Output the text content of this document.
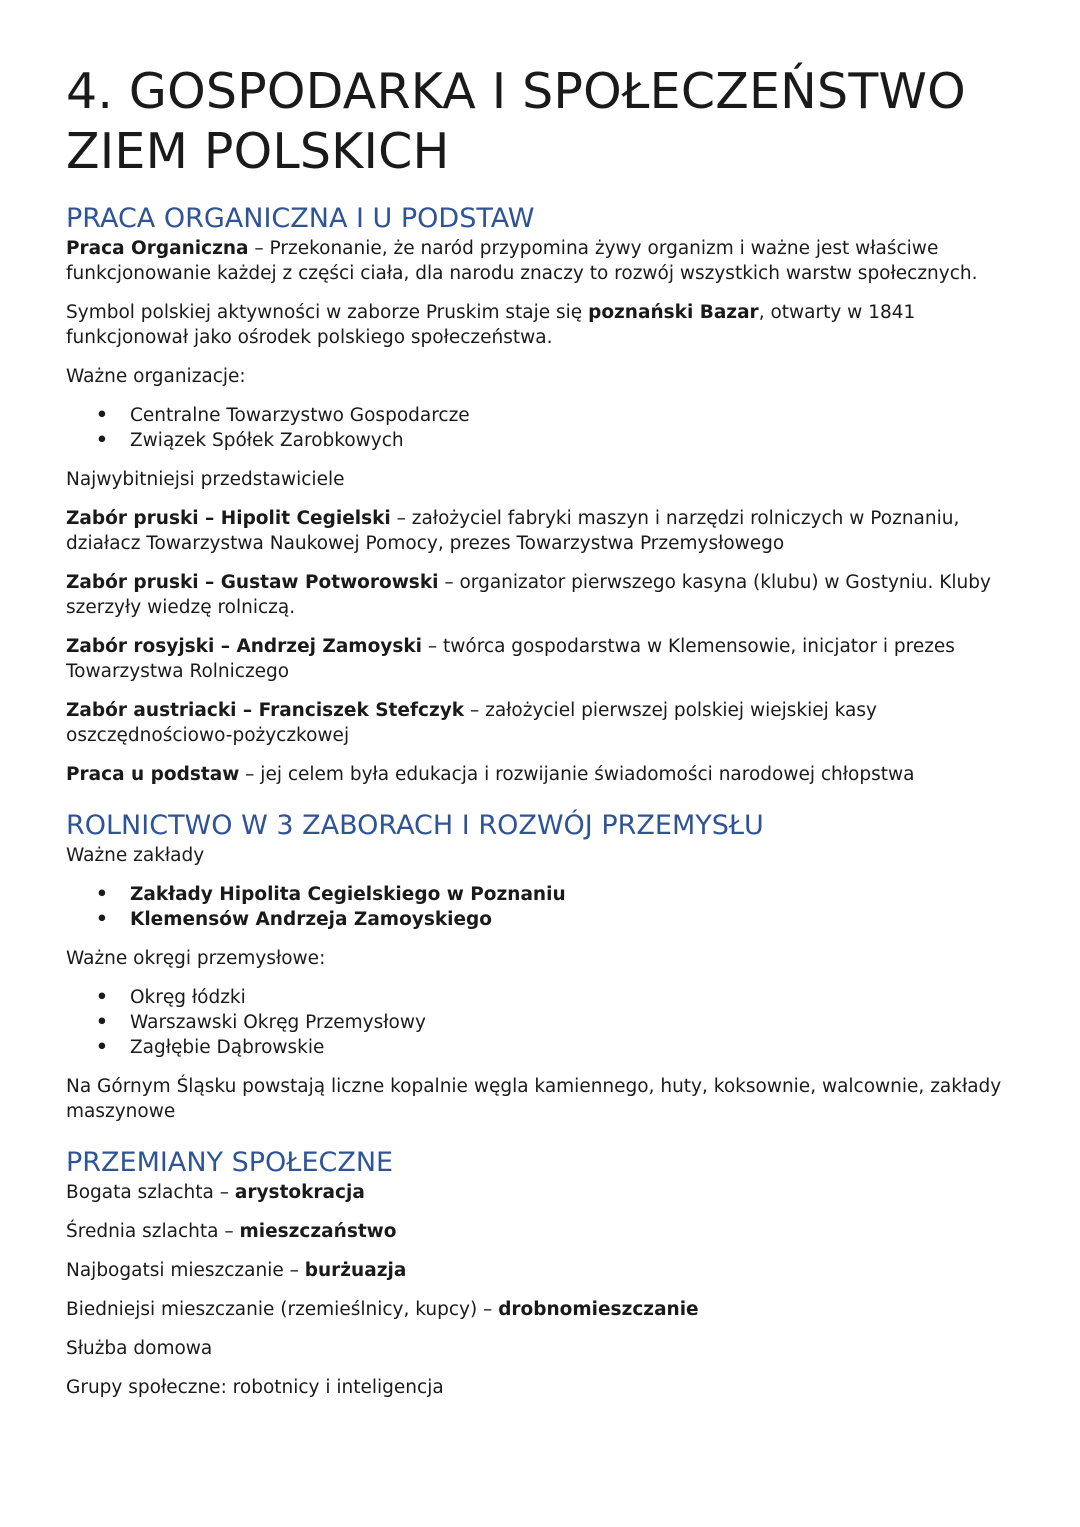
4. GOSPODARKA I SPOŁECZEŃSTWO
ZIEM POLSKICH
PRACA ORGANICZNA I U PODSTAW

Praca Organiczna – Przekonanie, że naród przypomina żywy organizm i ważne jest właściwe funkcjonowanie każdej z części ciała, dla narodu znaczy to rozwój wszystkich warstw społecznych.

Symbol polskiej aktywności w zaborze Pruskim staje się poznański Bazar, otwarty w 1841 funkcjonował jako ośrodek polskiego społeczeństwa.

Ważne organizacje:

• Centralne Towarzystwo Gospodarcze
• Związek Spółek Zarobkowych

Najwybitniejsi przedstawiciele

Zabór pruski – Hipolit Cegielski – założyciel fabryki maszyn i narzędzi rolniczych w Poznaniu, działacz Towarzystwa Naukowej Pomocy, prezes Towarzystwa Przemysłowego

Zabór pruski – Gustaw Potworowski – organizator pierwszego kasyna (klubu) w Gostyniu. Kluby szerzyły wiedzę rolniczą.

Zabór rosyjski – Andrzej Zamoyski – twórca gospodarstwa w Klemensowie, inicjator i prezes Towarzystwa Rolniczego

Zabór austriacki – Franciszek Stefczyk – założyciel pierwszej polskiej wiejskiej kasy oszczędnościowo-pożyczkowej

Praca u podstaw – jej celem była edukacja i rozwijanie świadomości narodowej chłopstwa

ROLNICTWO W 3 ZABORACH I ROZWÓJ PRZEMYSŁU

Ważne zakłady

• Zakłady Hipolita Cegielskiego w Poznaniu
• Klemensów Andrzeja Zamoyskiego

Ważne okręgi przemysłowe:

• Okręg łódzki
• Warszawski Okręg Przemysłowy
• Zagłębie Dąbrowskie

Na Górnym Śląsku powstają liczne kopalnie węgla kamiennego, huty, koksownie, walcownie, zakłady maszynowe

PRZEMIANY SPOŁECZNE

Bogata szlachta – arystokracja

Średnia szlachta – mieszczaństwo

Najbogatsi mieszczanie – burżuazja

Biedniejsi mieszczanie (rzemieślnicy, kupcy) – drobnomieszczanie

Służba domowa

Grupy społeczne: robotnicy i inteligencja
